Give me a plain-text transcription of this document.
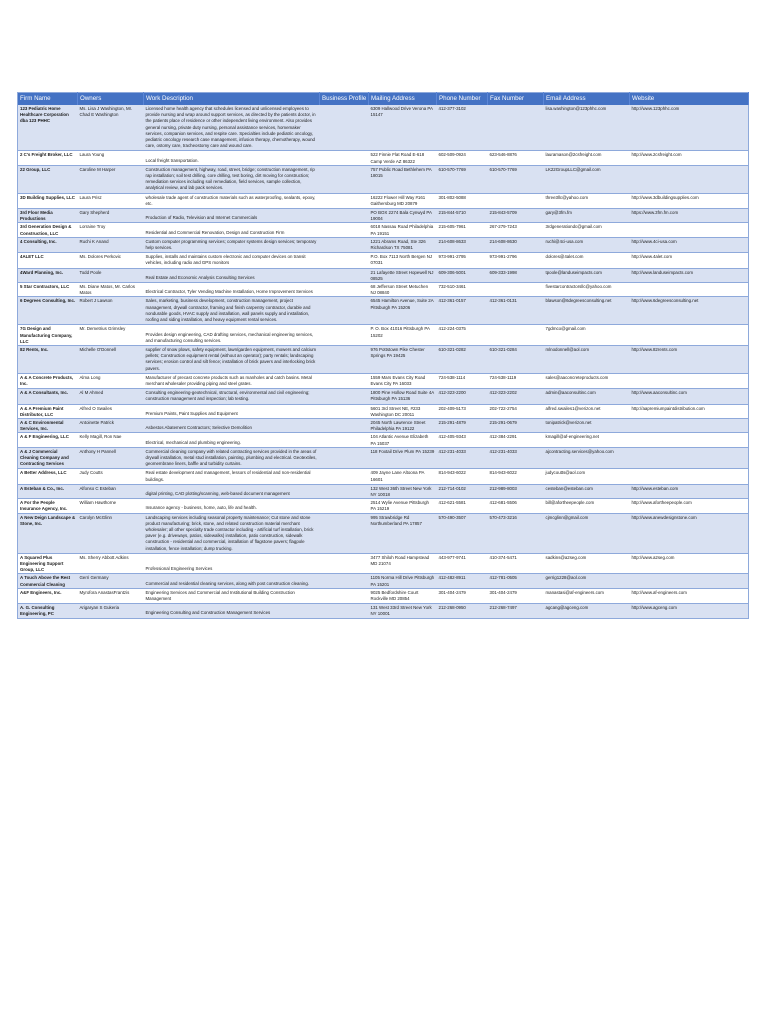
Firm Name	Owners	Work Description	Business Profile	Mailing Address	Phone Number	Fax Number	Email Address	Website
123 Pediatric Home Healthcare Corporation dba 123 PHHC	Ms. Lisa J Washington, Mr. Chad E Washington	Licensed home health agency that schedules licensed and unlicensed employees to provide nursing and wrap around support services, as directed by the patients doctor, in the patients place of residence or other independent living environment. Also provides general nursing, private duty nursing, personal assistance services, homemaker services, companion services, and respite care. Specialties include pediatric oncology, pediatric oncology research case management, infusion therapy, chemotherapy, wound care, ostomy care, tracheostomy care and wound care.		6309 Hallwood Drive Verona PA 15147	412-377-3102		lisa.washington@123phhc.com	http://www.123phhc.com
2 C's Freight Broker, LLC	Laura Young	Local freight transportation.		522 Finnie Flat Road E-618 Camp Verde AZ 86322	602-509-0924	623-546-8876	lauramason@2csfreight.com	http://www.2csfreight.com
22 Group, LLC	Caroline M Harper	Construction management, highway, road, street, bridge; construction management, rip rap installation; soil test drilling, core drilling, test boring, dirt moving for construction; remediation services including soil remediation, field services, sample collection, analytical review, and lab pack services.		757 Public Road Bethlehem PA 18015	610-570-7769	610-570-7769	LK22GroupLLC@gmail.com	
3D Building Supplies, LLC	Laura Prisz	wholesale trade agent of construction materials such as waterproofing, sealants, epoxy, etc.		16222 Flower Hill Way #161 Gaithersburg MD 20879	301-802-5088		three3llc@yahoo.com	http://www.3dbuildingsupplies.com
3rd Floor Media Productions	Gary Shepherd	Production of Radio, Television and Internet Commercials		PO BOX 2274 Bala Cynwyd PA 19004	215-844-5710	215-843-5709	gary@3fm.fm	https://www.3fm.fm.com
3rd Generation Design & Construction, LLC	Lorraine Troy	Residential and Commercial Renovation, Design and Construction Firm		6018 Nassau Road Philadelphia PA 19151	215-605-7961	267-279-7243	3rdgenerationdc@gmail.com	
4 Consulting, Inc.	Ruchi K Anand	Custom computer programming services; computer systems design services; temporary help services.		1221 Abrams Road, Ste 326 Richardson TX 75081	214-608-8633	214-608-8630	ruchi@4ci-usa.com	http://www.4ci-usa.com
4ALET LLC	Ms. Dolores Perkovic	Supplies, installs and maintains custom electronic and computer devices on transit vehicles, including radio and GPS monitors		P.O. Box 7113 North Bergen NJ 07031	973-991-2795	973-991-2796	dolores@4alet.com	http://www.4alet.com
4Ward Planning, Inc.	Todd Poole	Real Estate and Economic Analysis Consulting Services		21 Lafayette Street Hopewell NJ 08525	609-306-5001	609-333-1998	tpoole@landuseimpacts.com	http://www.landuseimpacts.com
5 Star Contractors, LLC	Ms. Diane Matos, Mr. Carlos Matos	Electrical Contractor, Tyler Vending Machine Installation, Home Improvement Services		68 Jefferson Street Metuchen NJ 08840	732-510-3461		fivestarcontractorsllc@yahoo.com	
6 Degrees Consulting, Inc.	Robert J Lawson	Sales, marketing, business development, construction management, project management, drywall contractor, framing and finish carpentry contractor, durable and nondurable goods, HVAC supply and installation, wall panels supply and installation, roofing and siding installation, and heavy equipment rental services.		6545 Hamilton Avenue, Suite 2A Pittsburgh PA 15206	412-361-0157	412-361-0131	blawson@6degreesconsulting.net	http://www.6degreesconsulting.net
7G Design and Manufacturing Company, LLC	Mr. Demetrius Grimsley	Provides design engineering, CAD drafting services, mechanical engineering services, and manufacturing consulting services.		P. O. Box 41016 Pittsburgh PA 15202	412-224-0375		7gdmco@gmail.com	
82 Rents, Inc.	Michelle O'Donnell	supplier of snow plows, safety equipment, lawn/garden equipment, mowers and calcium pellets; Construction equipment rental (without an operator); party rentals; landscaping services; erosion control and silt fence; installation of brick pavers and interlocking brick pavers.		976 Pottstown Pike Chester Springs PA 19425	610-321-0282	610-321-0284	mlnodonnell@aol.com	http://www.82rents.com
A & A Concrete Products, Inc.	Alma Long	Manufacturer of precast concrete products such as manholes and catch basins. Metal merchant wholesaler providing piping and steel grates.		1559 Mars Evans City Road Evans City PA 16033	724-538-1114	724-538-1119	sales@aaconcreteproducts.com	
A & A Consultants, Inc.	Al M Ahmed	Consulting engineering-geotechnical, structural, environmental and civil engineering; construction management and inspection; lab testing.		1800 Pine Hollow Road Suite 4A Pittsburgh PA 15136	412-323-2200	412-323-2202	admin@aaconsultinc.com	http://www.aaconsultinc.com
A & A Premium Paint Distributor, LLC	Alfred O Swailes	Premium Paints, Paint Supplies and Equipment		5601 3rd Street NE, #233 Washington DC 20011	202-409-5173	202-722-2754	alfred.swailes1@verizon.net	http://aapremiumpaintdistribution.com
A & C Environmental Services, Inc.	Antoinette Patrick	Asbestos Abatement Contractors; Selective Demolition		2045 North Lawrence Street Philadelphia PA 19122	215-291-4879	215-291-0679	tonipatrick@verizon.net	
A & F Engineering, LLC	Kelly Magill, Ron Nae	Electrical, mechanical and plumbing engineering.		104 Atlantic Avenue Elizabeth PA 15037	412-405-9343	412-384-2291	kmagill@af-engineering.net	
A & J Commercial Cleaning Company and Contracting Services	Anthony H Pannell	Commercial cleaning company with related contracting services provided in the areas of drywall installation, metal stud installation, painting, plumbing and electrical. Geotextiles, geomembrane liners, baffle and turbidity curtains.		118 Foxtail Drive Plum PA 15239	412-231-4033	412-231-4033	ajcontracting.services@yahoo.com	
A Better Address, LLC	Judy Coutts	Real estate development and management, lessors of residential and non-residential buildings.		409 Jayne Lane Altoona PA 16601	814-943-6022	814-943-6022	judycoutts@aol.com	
A Esteban & Co., Inc.	Alfonso C Esteban	digital printing, CAD plotting/scanning, web-based document management		132 West 36th Street New York NY 10018	212-714-0102	212-989-8003	cesteban@esteban.com	http://www.esteban.com
A For the People Insurance Agency, Inc.	William Hawthorne	Insurance agency - business, home, auto, life and health.		2514 Wylie Avenue Pittsburgh PA 15219	412-621-5581	412-681-5506	bill@afortheepeople.com	http://www.afortheepeople.com
A New Deign Landscape & Stone, Inc.	Carolyn McGlinn	Landscaping services including seasonal property maintenance; Cut stone and stone product manufacturing; brick, stone, and related construction material merchant wholesaler; all other specialty trade contractor including - artificial turf installation, brick paver (e.g. driveways, patios, sidewalks) installation, patio construction, sidewalk construction - residential and commercial, installation of flagstone pavers; flagpole installation, fence installation; dump trucking.		995 Strawbridge Rd Northumberland PA 17857	570-490-3507	570-473-3216	cjmcglinn@gmail.com	http://www.anewdesignstone.com
A Squared Plus Engineering Support Group, LLC	Ms. Sherry Abbott Adkins	Professional Engineering Services		3477 Shiloh Road Hampstead MD 21074	443-977-9741	410-374-5471	sadkins@a2seg.com	http://www.a2seg.com
A Touch Above the Rest Commercial Cleaning	Gerri Germany	Commercial and residential cleaning services, along with post construction cleaning.		1105 Norma Hill Drive Pittsburgh PA 15201	412-482-8911	412-781-0505	gerrig1228@aol.com	
A&F Engineers, Inc.	Myrofora AnastasFrantzis	Engineering Services and Commercial and Institutional Building Construction Management		9025 Bedfordshire Court Rockville MD 20854	301-404-2479	301-404-2479	manastasi@af-engineers.com	http://www.af-engineers.com
A. G. Consulting Engineering, PC	Arigaryan S Gukeria	Engineering Consulting and Construction Management Services		131 West 33rd Street New York NY 10001	212-268-0950	212-268-7497	agcang@agceng.com	http://www.agceng.com
